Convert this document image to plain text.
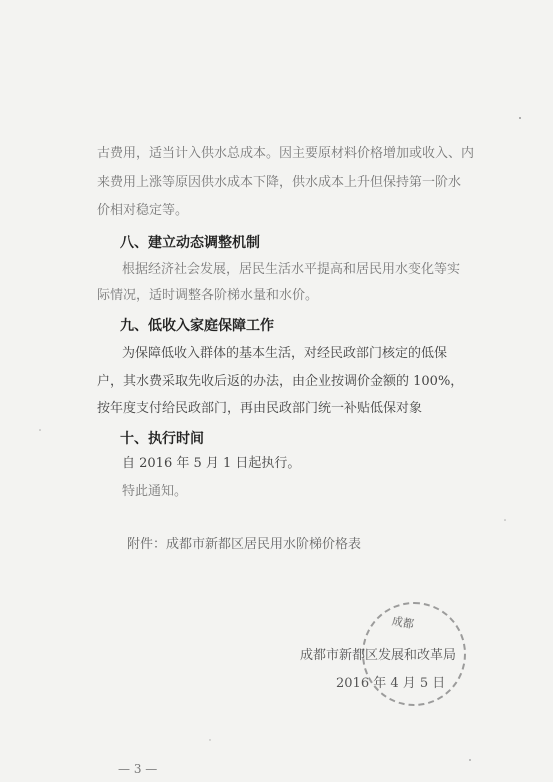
古费用，适当计入供水总成本。因主要原材料价格增加或收入、内
来费用上涨等原因供水成本下降，供水成本上升但保持第一阶水
价相对稳定等。
八、建立动态调整机制
根据经济社会发展，居民生活水平提高和居民用水变化等实
际情况，适时调整各阶梯水量和水价。
九、低收入家庭保障工作
为保障低收入群体的基本生活，对经民政部门核定的低保
户，其水费采取先收后返的办法，由企业按调价金额的 100%，
按年度支付给民政部门，再由民政部门统一补贴低保对象
十、执行时间
自 2016 年 5 月 1 日起执行。
特此通知。
附件：成都市新都区居民用水阶梯价格表
成都
成都市新都区发展和改革局
2016 年 4 月 5 日
— 3 —
